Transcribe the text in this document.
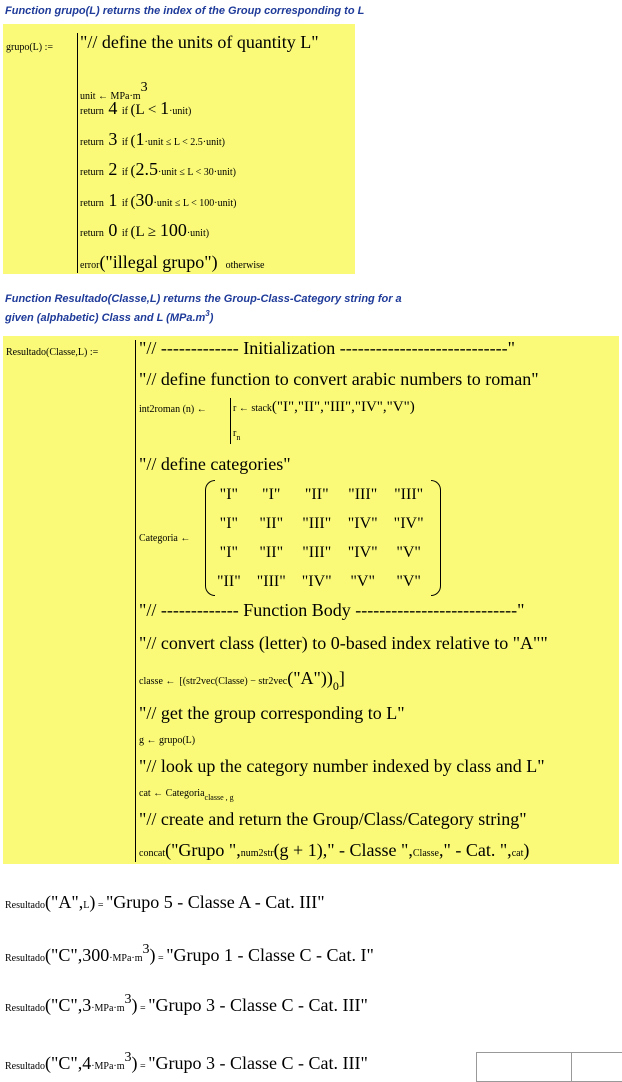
Function grupo(L) returns the index of the Group corresponding to L
grupo(L) := "// define the units of quantity L"
unit ← MPa·m3
return 4 if (L < 1·unit)
return 3 if (1·unit ≤ L < 2.5·unit)
return 2 if (2.5·unit ≤ L < 30·unit)
return 1 if (30·unit ≤ L < 100·unit)
return 0 if (L ≥ 100·unit)
error("illegal grupo") otherwise
Function Resultado(Classe,L) returns the Group-Class-Category string for a
given (alphabetic) Class and L $(MPa.m^3)$
Resultado(Classe,L) := "// ------------- Initialization ----------------------------"
"// define function to convert arabic numbers to roman"
int2roman (n) ←	r ← stack("I","II","III","IV","V")
$r_n$
"// define categories"
Categoria ←
"I"	"I"	"II"	"III"	"III"
"I"	"II"	"III"	"IV"	"IV"
"I"	"II"	"III"	"IV"	"V"
"II"	"III"	"IV"	"V"	"V"
"// ------------- Function Body ---------------------------"
"// convert class (letter) to 0-based index relative to "A""
classe ← [(str2vec(Classe) − $str2vec("A"))_0$]
"// get the group corresponding to L"
g ← grupo(L)
"// look up the category number indexed by class and L"
cat ← Categoria$_{classe , g}$
"// create and return the Group/Class/Category string"
concat("Grupo ",num2str(g + 1)," - Classe ",Classe," - Cat. ",cat)
Resultado("A",L) = "Grupo 5 - Classe A - Cat. III"
Resultado("C",300·MPa·m3) = "Grupo 1 - Classe C - Cat. I"
Resultado("C",3·MPa·m3) = "Grupo 3 - Classe C - Cat. III"
Resultado("C",4·MPa·m3) = "Grupo 3 - Classe C - Cat. III"
